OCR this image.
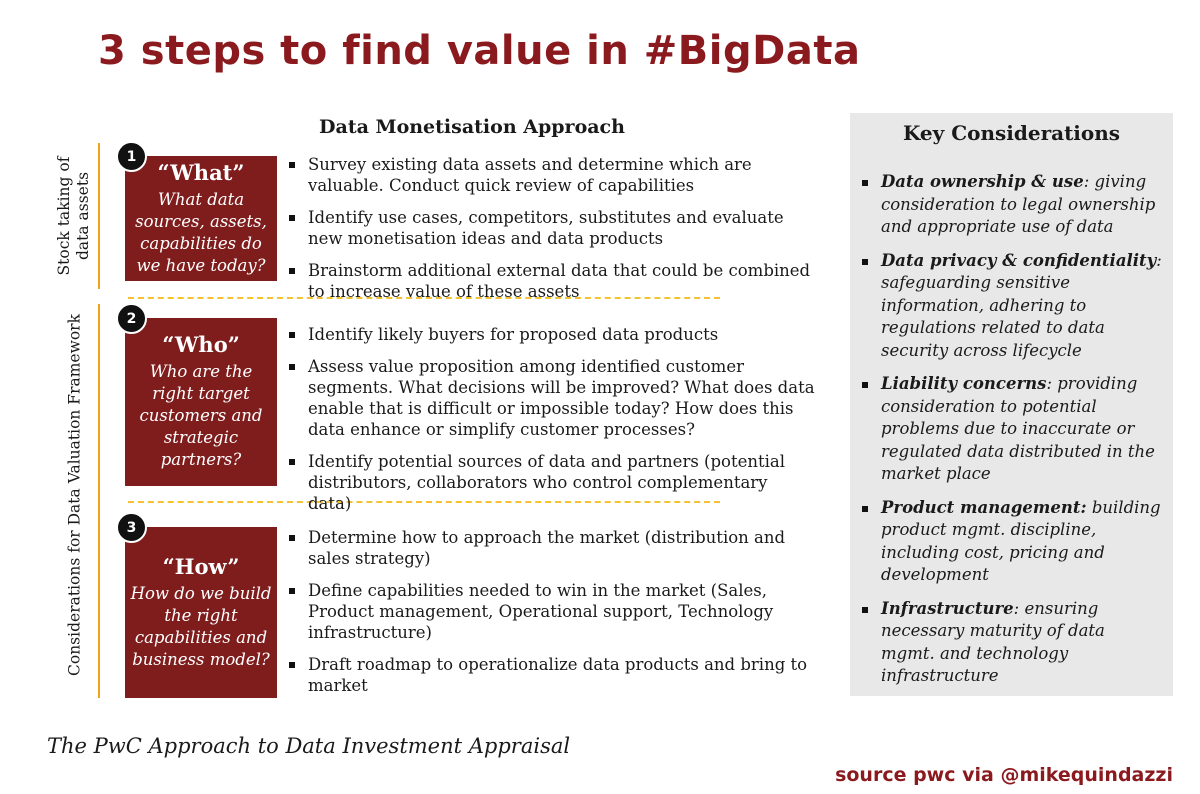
3 steps to find value in #BigData
Data Monetisation Approach
Stock taking of data assets
Considerations for Data Valuation Framework
1
“What”
What data sources, assets, capabilities do we have today?
Survey existing data assets and determine which are valuable. Conduct quick review of capabilities
Identify use cases, competitors, substitutes and evaluate new monetisation ideas and data products
Brainstorm additional external data that could be combined to increase value of these assets
2
“Who”
Who are the right target customers and strategic partners?
Identify likely buyers for proposed data products
Assess value proposition among identified customer segments. What decisions will be improved? What does data enable that is difficult or impossible today? How does this data enhance or simplify customer processes?
Identify potential sources of data and partners (potential distributors, collaborators who control complementary data)
3
“How”
How do we build the right capabilities and business model?
Determine how to approach the market (distribution and sales strategy)
Define capabilities needed to win in the market (Sales, Product management, Operational support, Technology infrastructure)
Draft roadmap to operationalize data products and bring to market
Key Considerations
Data ownership & use: giving consideration to legal ownership and appropriate use of data
Data privacy & confidentiality: safeguarding sensitive information, adhering to regulations related to data security across lifecycle
Liability concerns: providing consideration to potential problems due to inaccurate or regulated data distributed in the market place
Product management: building product mgmt. discipline, including cost, pricing and development
Infrastructure: ensuring necessary maturity of data mgmt. and technology infrastructure
The PwC Approach to Data Investment Appraisal
source pwc via @mikequindazzi
